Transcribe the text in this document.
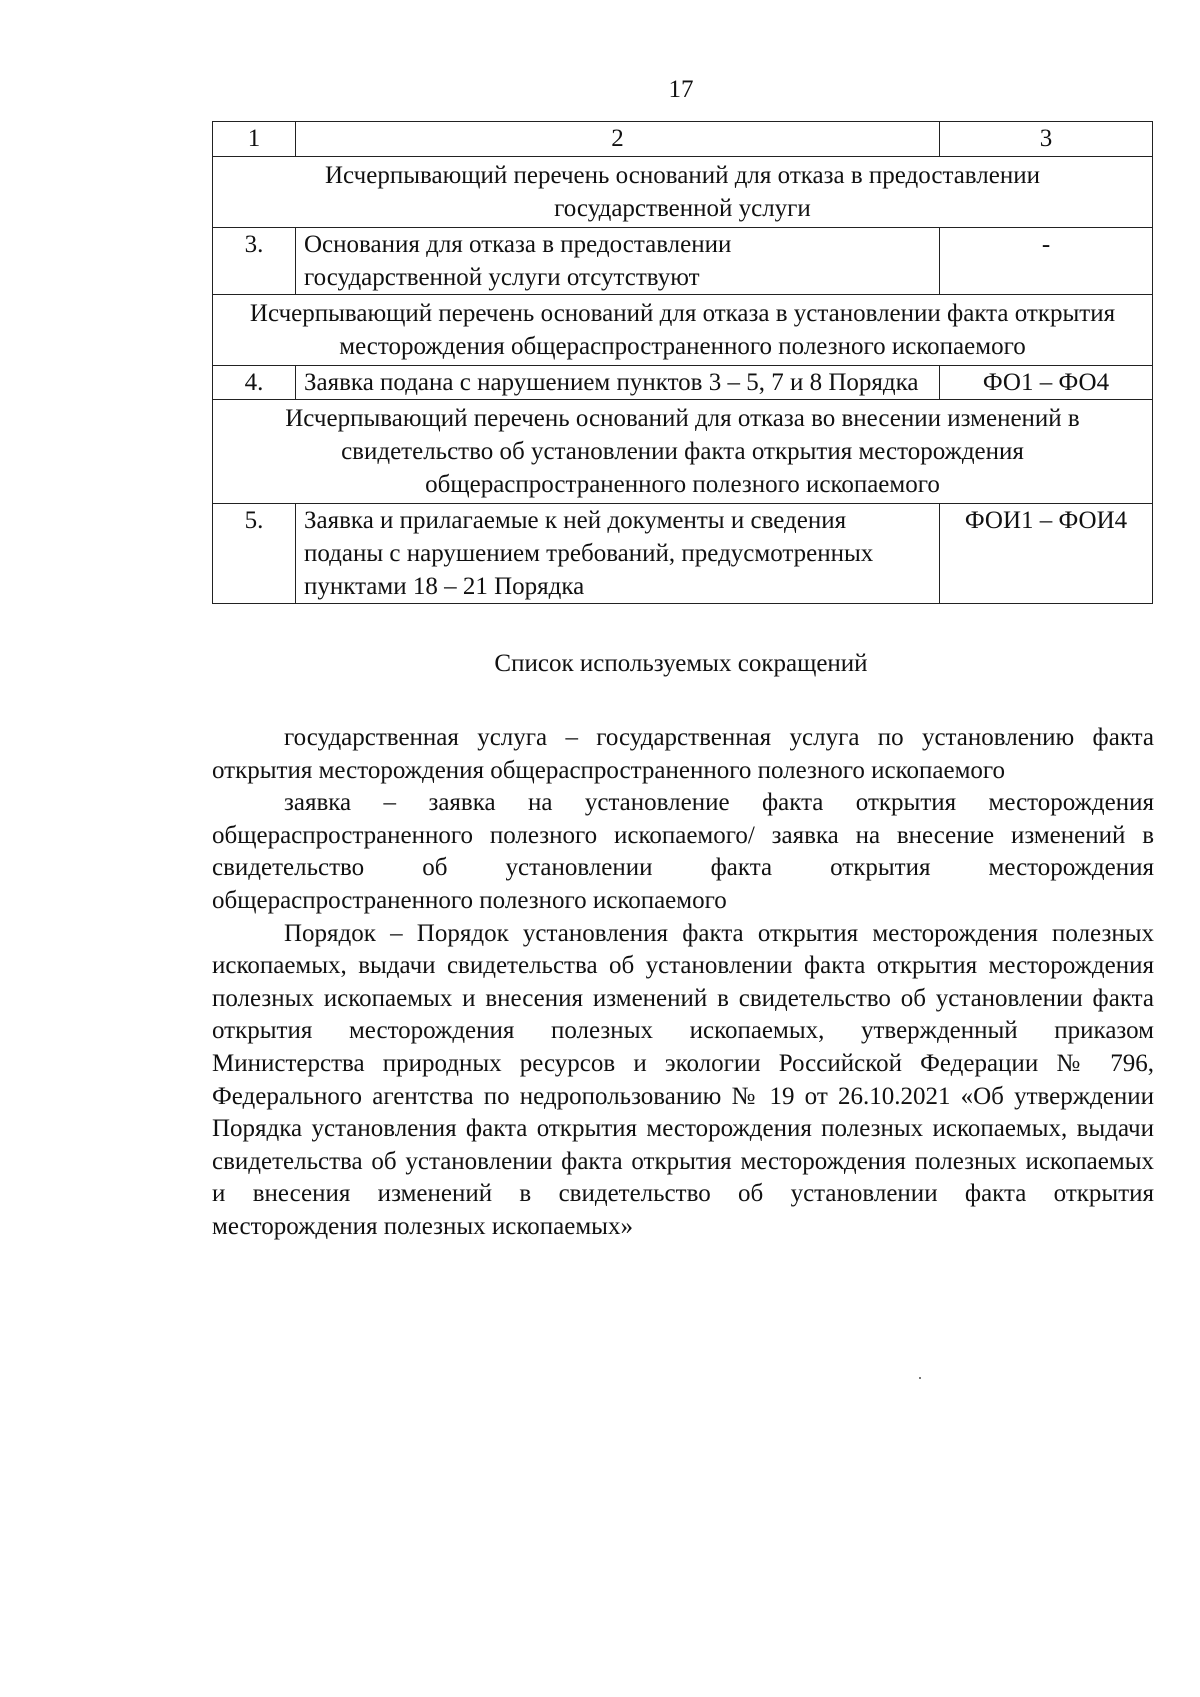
17
1	2	3
Исчерпывающий перечень оснований для отказа в предоставлении государственной услуги		
3.	Основания для отказа в предоставлении государственной услуги отсутствуют	-
Исчерпывающий перечень оснований для отказа в установлении факта открытия месторождения общераспространенного полезного ископаемого		
4.	Заявка подана с нарушением пунктов 3 – 5, 7 и 8 Порядка	ФО1 – ФО4
Исчерпывающий перечень оснований для отказа во внесении изменений в свидетельство об установлении факта открытия месторождения общераспространенного полезного ископаемого		
5.	Заявка и прилагаемые к ней документы и сведения поданы с нарушением требований, предусмотренных пунктами 18 – 21 Порядка	ФОИ1 – ФОИ4
Список используемых сокращений

государственная услуга – государственная услуга по установлению факта открытия месторождения общераспространенного полезного ископаемого

заявка – заявка на установление факта открытия месторождения общераспространенного полезного ископаемого/ заявка на внесение изменений в свидетельство об установлении факта открытия месторождения общераспространенного полезного ископаемого

Порядок – Порядок установления факта открытия месторождения полезных ископаемых, выдачи свидетельства об установлении факта открытия месторождения полезных ископаемых и внесения изменений в свидетельство об установлении факта открытия месторождения полезных ископаемых, утвержденный приказом Министерства природных ресурсов и экологии Российской Федерации № 796, Федерального агентства по недропользованию № 19 от 26.10.2021 «Об утверждении Порядка установления факта открытия месторождения полезных ископаемых, выдачи свидетельства об установлении факта открытия месторождения полезных ископаемых и внесения изменений в свидетельство об установлении факта открытия месторождения полезных ископаемых»
